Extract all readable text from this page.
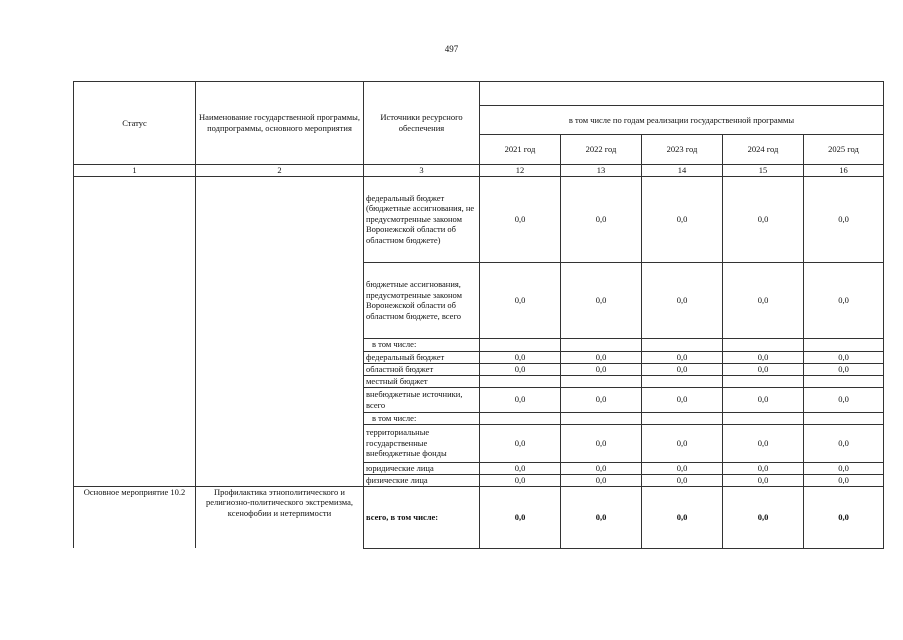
497
Статус	Наименование государственной программы, подпрограммы, основного мероприятия	Источники ресурсного обеспечения					
			в том числе по годам реализации государственной программы				
			2021 год	2022 год	2023 год	2024 год	2025 год
1	2	3	12	13	14	15	16
		федеральный бюджет (бюджетные ассигнования, не предусмотренные законом Воронежской области об областном бюджете)	0,0	0,0	0,0	0,0	0,0
		бюджетные ассигнования, предусмотренные законом Воронежской области об областном бюджете, всего	0,0	0,0	0,0	0,0	0,0
		в том числе:					
		федеральный бюджет	0,0	0,0	0,0	0,0	0,0
		областной бюджет	0,0	0,0	0,0	0,0	0,0
		местный бюджет					
		внебюджетные источники, всего	0,0	0,0	0,0	0,0	0,0
		в том числе:					
		территориальные государственные внебюджетные фонды	0,0	0,0	0,0	0,0	0,0
		юридические лица	0,0	0,0	0,0	0,0	0,0
		физические лица	0,0	0,0	0,0	0,0	0,0
Основное мероприятие 10.2	Профилактика этнополитического и религиозно-политического экстремизма, ксенофобии и нетерпимости	всего, в том числе:	0,0	0,0	0,0	0,0	0,0
